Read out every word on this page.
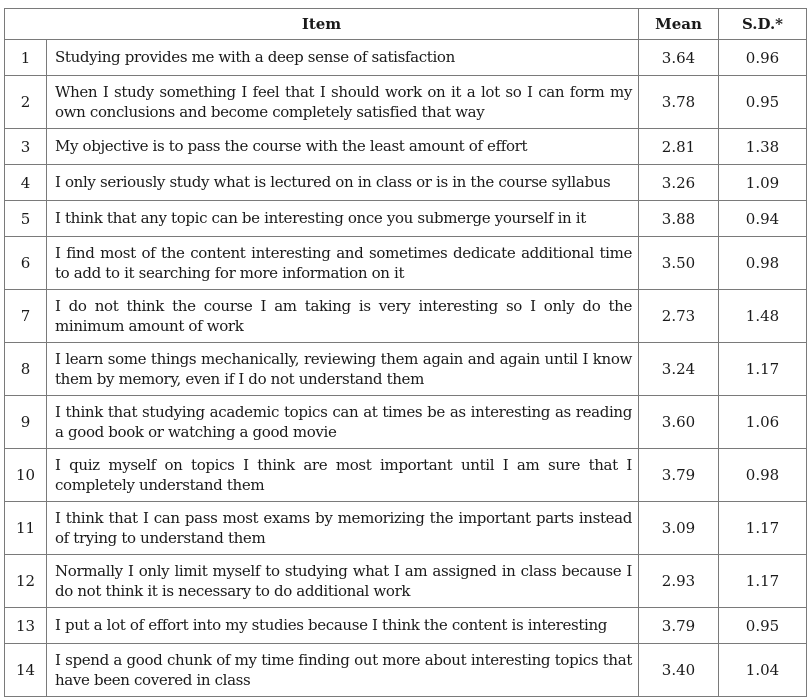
Item		Mean	S.D.*
1	Studying provides me with a deep sense of satisfaction	3.64	0.96
2	When I study something I feel that I should work on it a lot so I can form my own conclusions and become completely satisfied that way	3.78	0.95
3	My objective is to pass the course with the least amount of effort	2.81	1.38
4	I only seriously study what is lectured on in class or is in the course syllabus	3.26	1.09
5	I think that any topic can be interesting once you submerge yourself in it	3.88	0.94
6	I find most of the content interesting and sometimes dedicate additional time to add to it searching for more information on it	3.50	0.98
7	I do not think the course I am taking is very interesting so I only do the minimum amount of work	2.73	1.48
8	I learn some things mechanically, reviewing them again and again until I know them by memory, even if I do not understand them	3.24	1.17
9	I think that studying academic topics can at times be as interesting as reading a good book or watching a good movie	3.60	1.06
10	I quiz myself on topics I think are most important until I am sure that I completely understand them	3.79	0.98
11	I think that I can pass most exams by memorizing the important parts instead of trying to understand them	3.09	1.17
12	Normally I only limit myself to studying what I am assigned in class because I do not think it is necessary to do additional work	2.93	1.17
13	I put a lot of effort into my studies because I think the content is interesting	3.79	0.95
14	I spend a good chunk of my time finding out more about interesting topics that have been covered in class	3.40	1.04
